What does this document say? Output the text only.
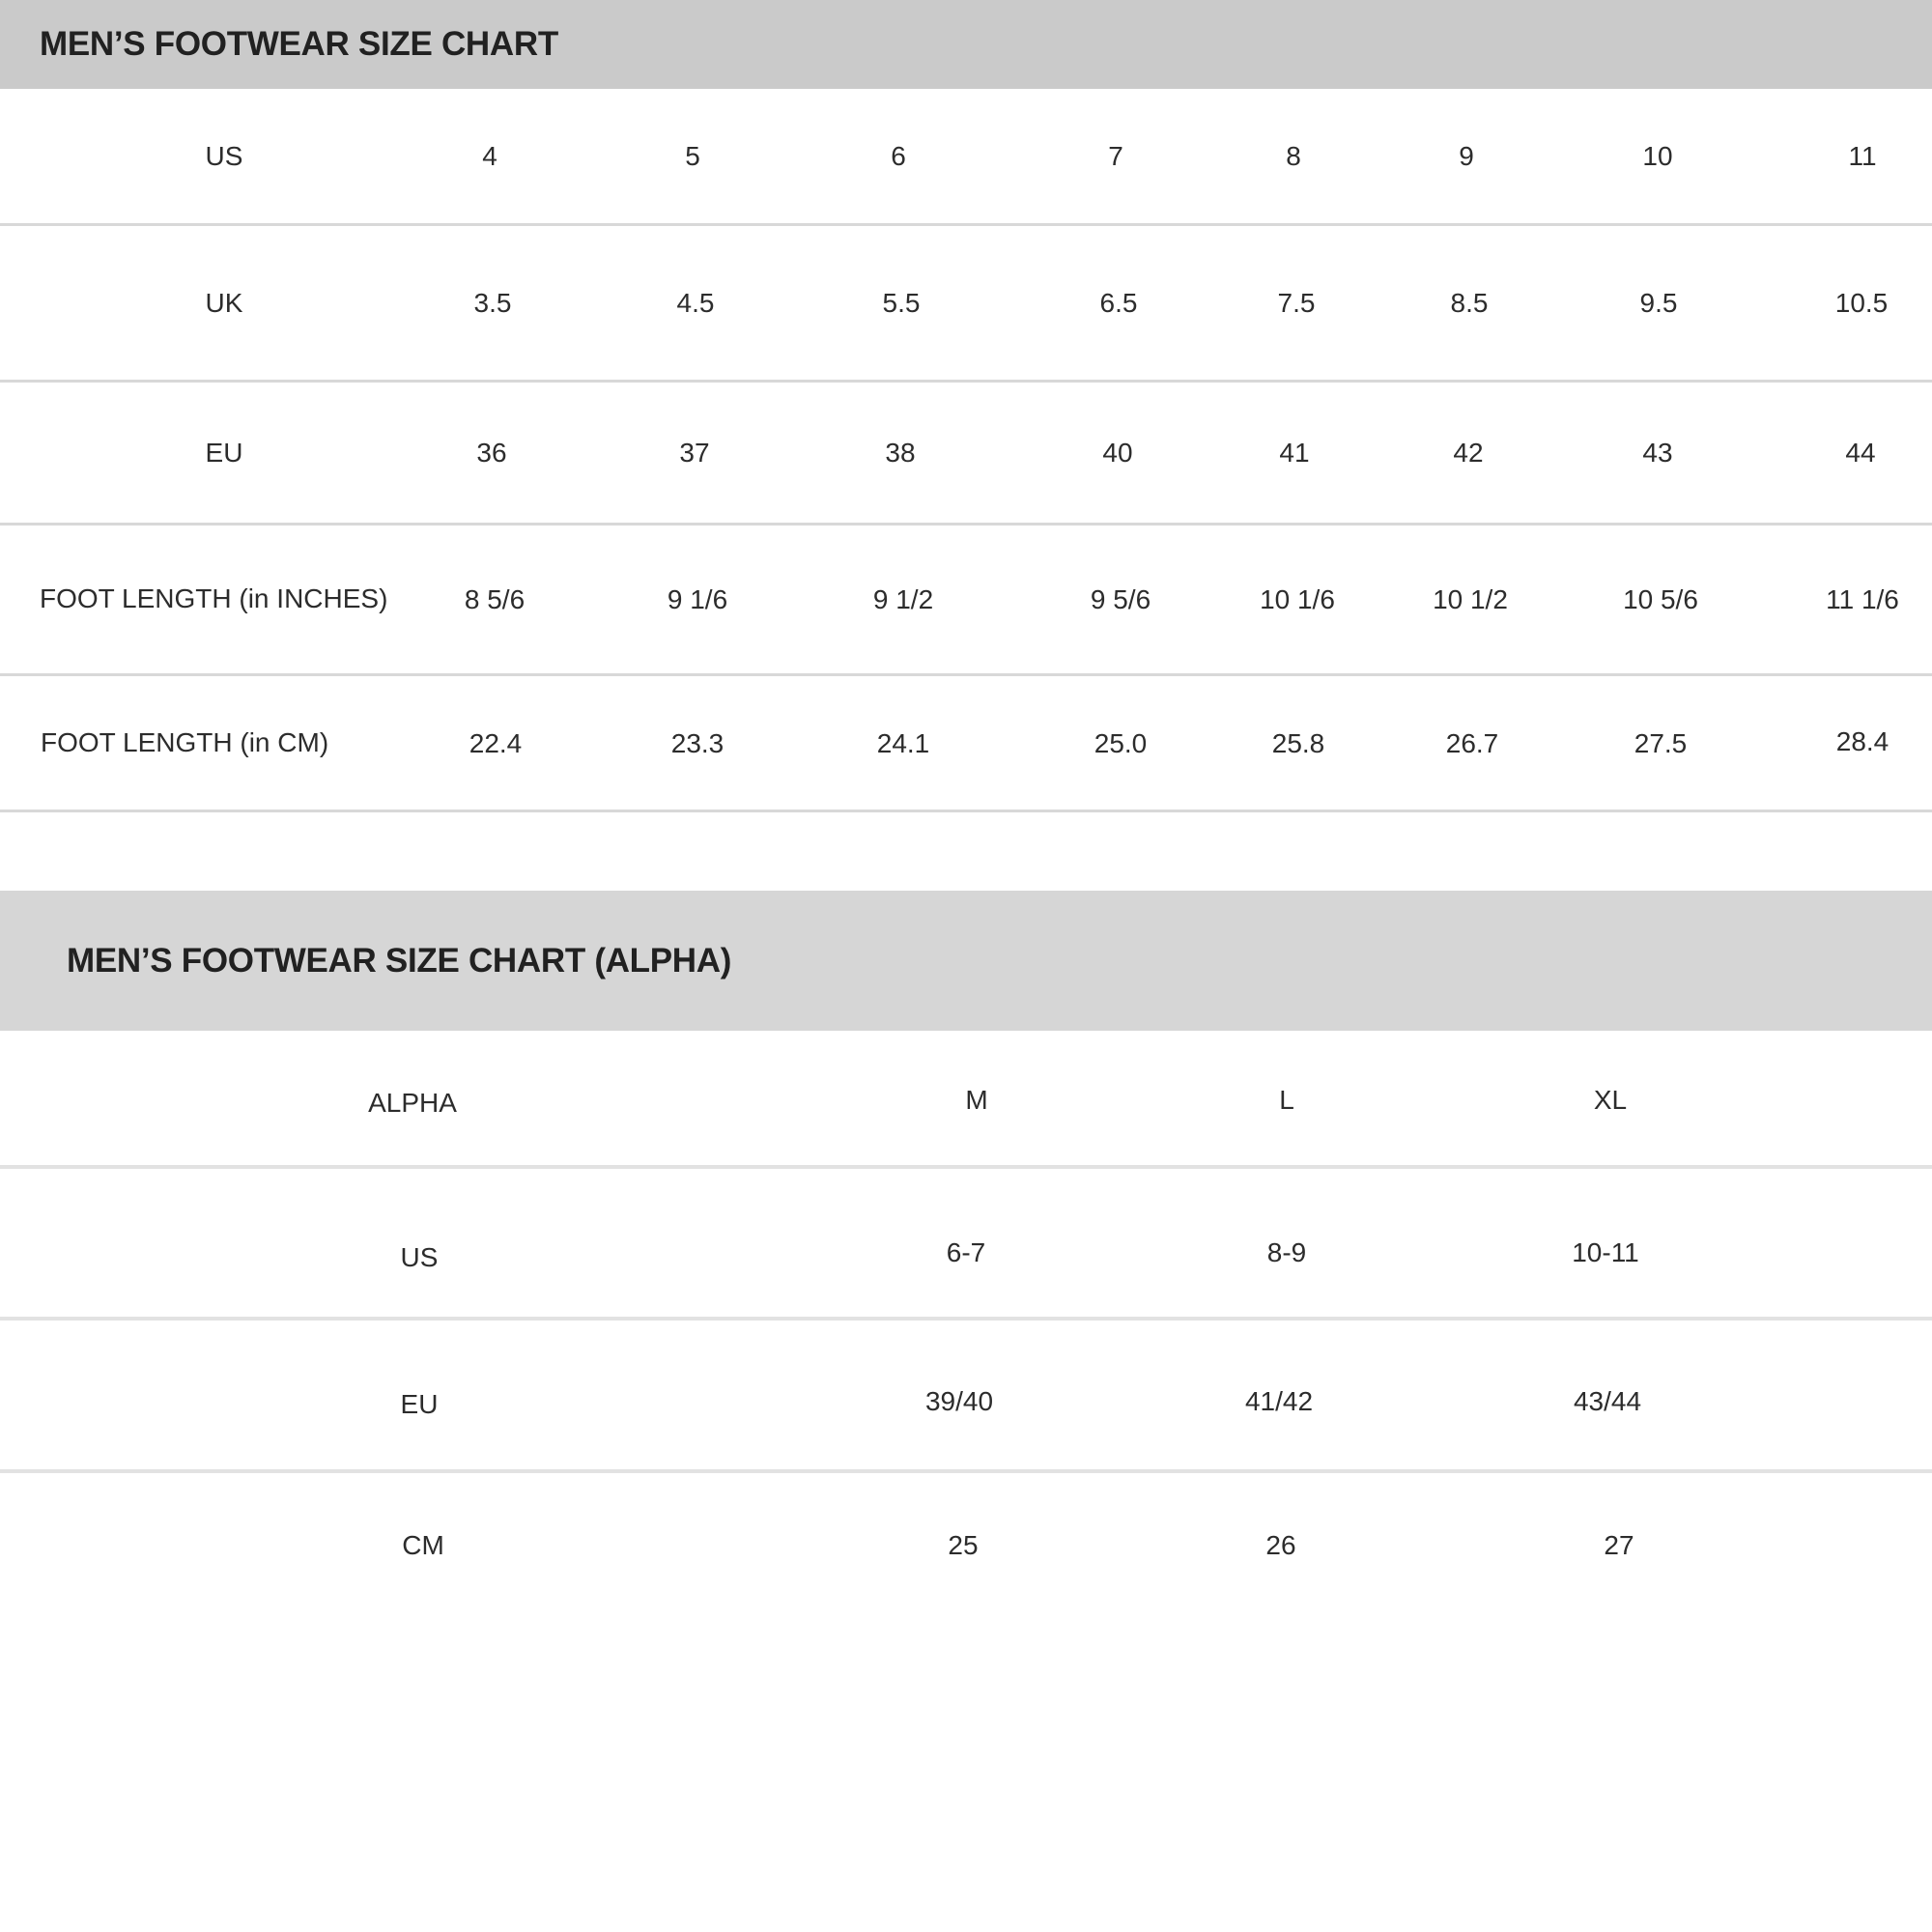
MEN’S FOOTWEAR SIZE CHART
US	4	5	6	7	8	9	10	11
UK	3.5	4.5	5.5	6.5	7.5	8.5	9.5	10.5
EU	36	37	38	40	41	42	43	44
FOOT LENGTH (in INCHES)	8 5/6	9 1/6	9 1/2	9 5/6	10 1/6	10 1/2	10 5/6	11 1/6
FOOT LENGTH (in CM)	22.4	23.3	24.1	25.0	25.8	26.7	27.5	28.4
MEN’S FOOTWEAR SIZE CHART (ALPHA)
ALPHA	M	L	XL
US	6-7	8-9	10-11
EU	39/40	41/42	43/44
CM	25	26	27
